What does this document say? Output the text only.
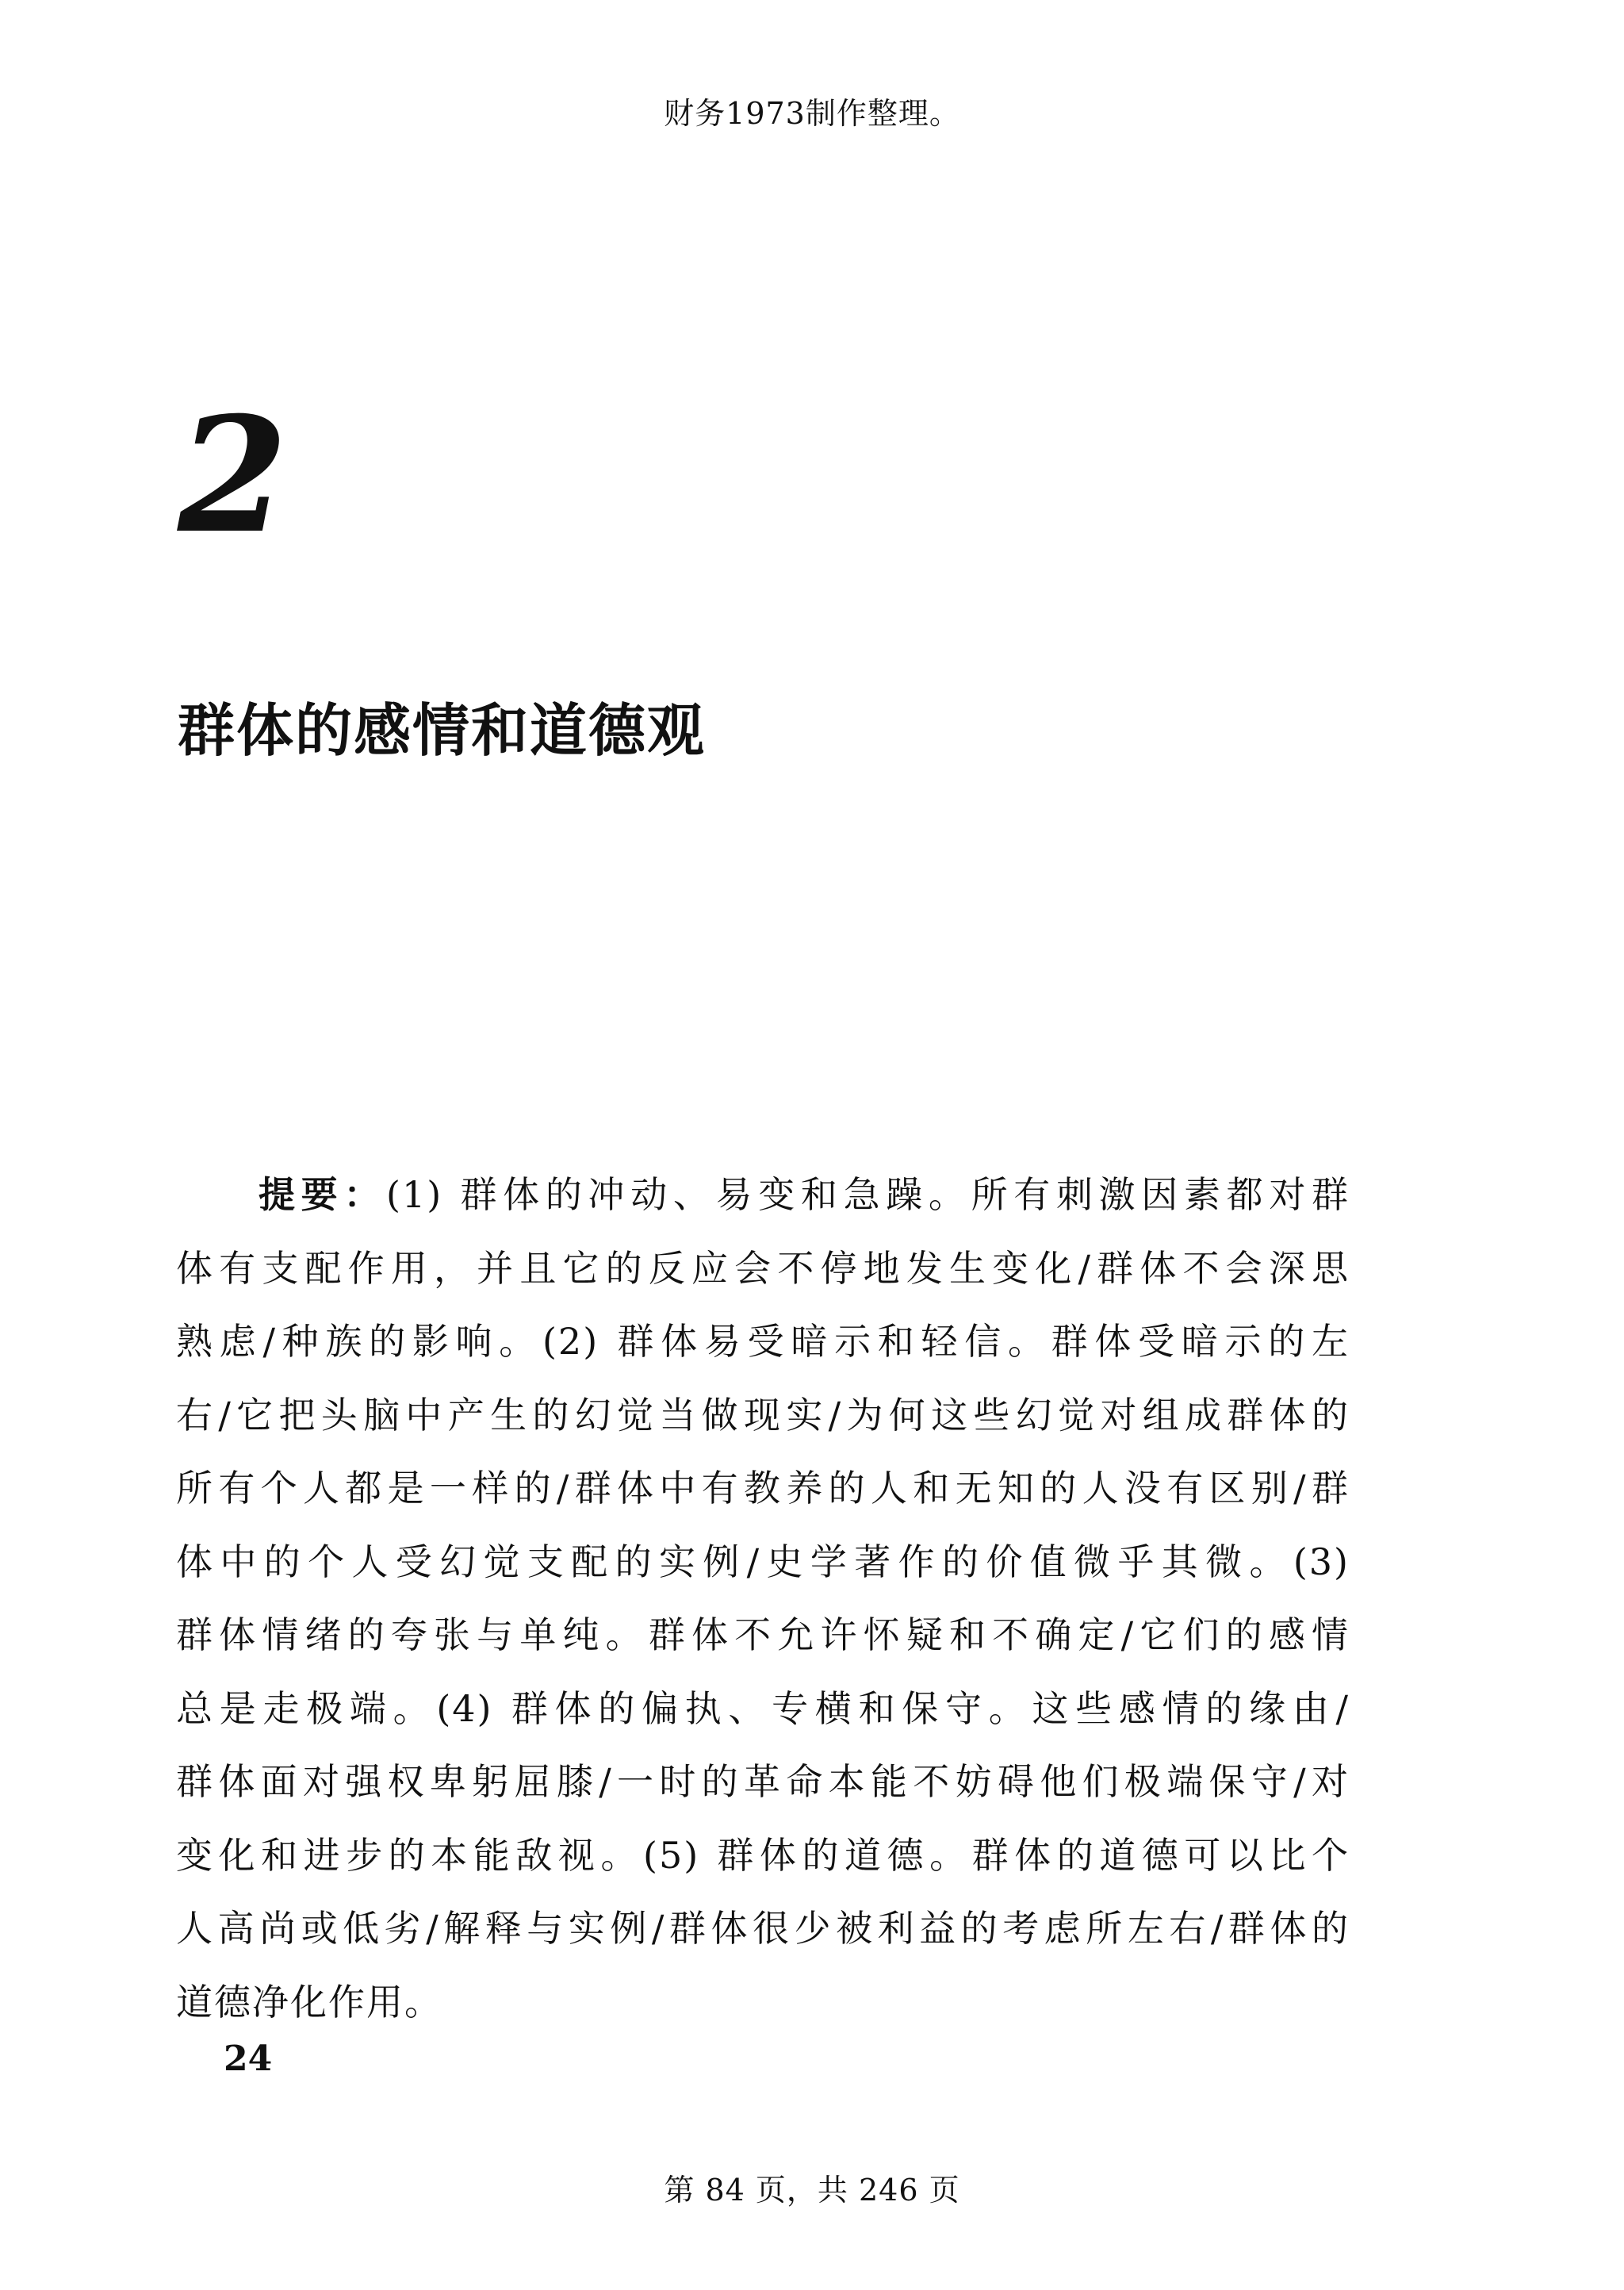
财务1973制作整理。
2
群体的感情和道德观
提要：(1) 群体的冲动、易变和急躁。所有刺激因素都对群
体有支配作用，并且它的反应会不停地发生变化/群体不会深思
熟虑/种族的影响。(2) 群体易受暗示和轻信。群体受暗示的左
右/它把头脑中产生的幻觉当做现实/为何这些幻觉对组成群体的
所有个人都是一样的/群体中有教养的人和无知的人没有区别/群
体中的个人受幻觉支配的实例/史学著作的价值微乎其微。(3)
群体情绪的夸张与单纯。群体不允许怀疑和不确定/它们的感情
总是走极端。(4) 群体的偏执、专横和保守。这些感情的缘由/
群体面对强权卑躬屈膝/一时的革命本能不妨碍他们极端保守/对
变化和进步的本能敌视。(5) 群体的道德。群体的道德可以比个
人高尚或低劣/解释与实例/群体很少被利益的考虑所左右/群体的
道德净化作用。
24
第 84 页，共 246 页
